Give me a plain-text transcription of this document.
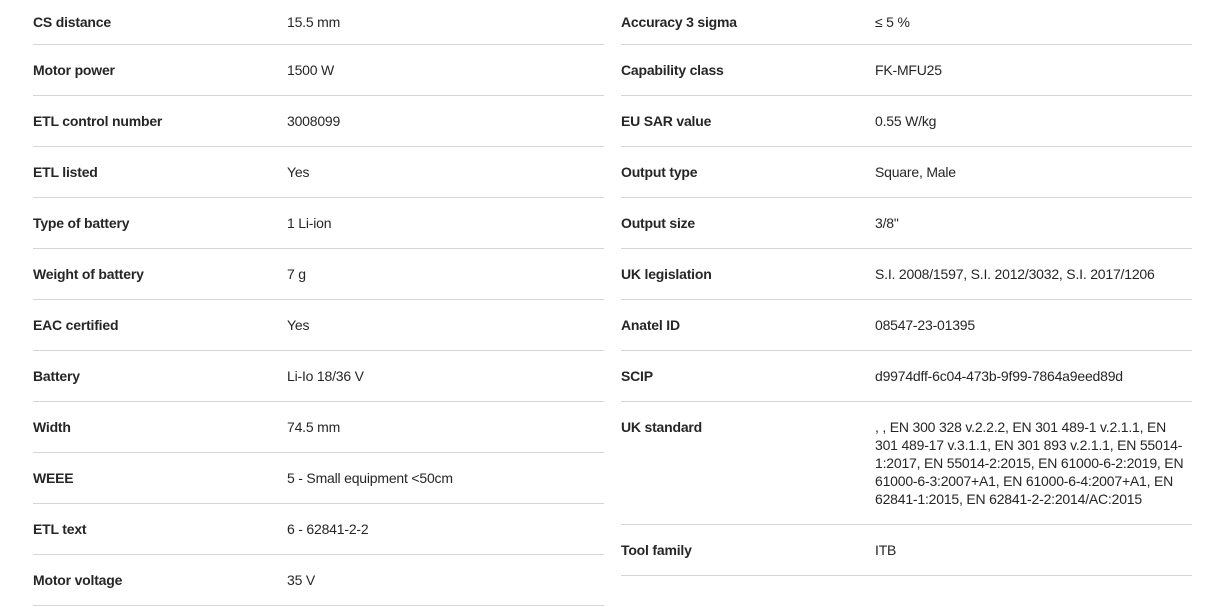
CS distance	15.5 mm
Motor power	1500 W
ETL control number	3008099
ETL listed	Yes
Type of battery	1 Li-ion
Weight of battery	7 g
EAC certified	Yes
Battery	Li-Io 18/36 V
Width	74.5 mm
WEEE	5 - Small equipment <50cm
ETL text	6 - 62841-2-2
Motor voltage	35 V
Accuracy 3 sigma	≤ 5 %
Capability class	FK-MFU25
EU SAR value	0.55 W/kg
Output type	Square, Male
Output size	3/8"
UK legislation	S.I. 2008/1597, S.I. 2012/3032, S.I. 2017/1206
Anatel ID	08547-23-01395
SCIP	d9974dff-6c04-473b-9f99-7864a9eed89d
UK standard	, , EN 300 328 v.2.2.2, EN 301 489-1 v.2.1.1, EN 301 489-17 v.3.1.1, EN 301 893 v.2.1.1, EN 55014-1:2017, EN 55014-2:2015, EN 61000-6-2:2019, EN 61000-6-3:2007+A1, EN 61000-6-4:2007+A1, EN 62841-1:2015, EN 62841-2-2:2014/AC:2015
Tool family	ITB
